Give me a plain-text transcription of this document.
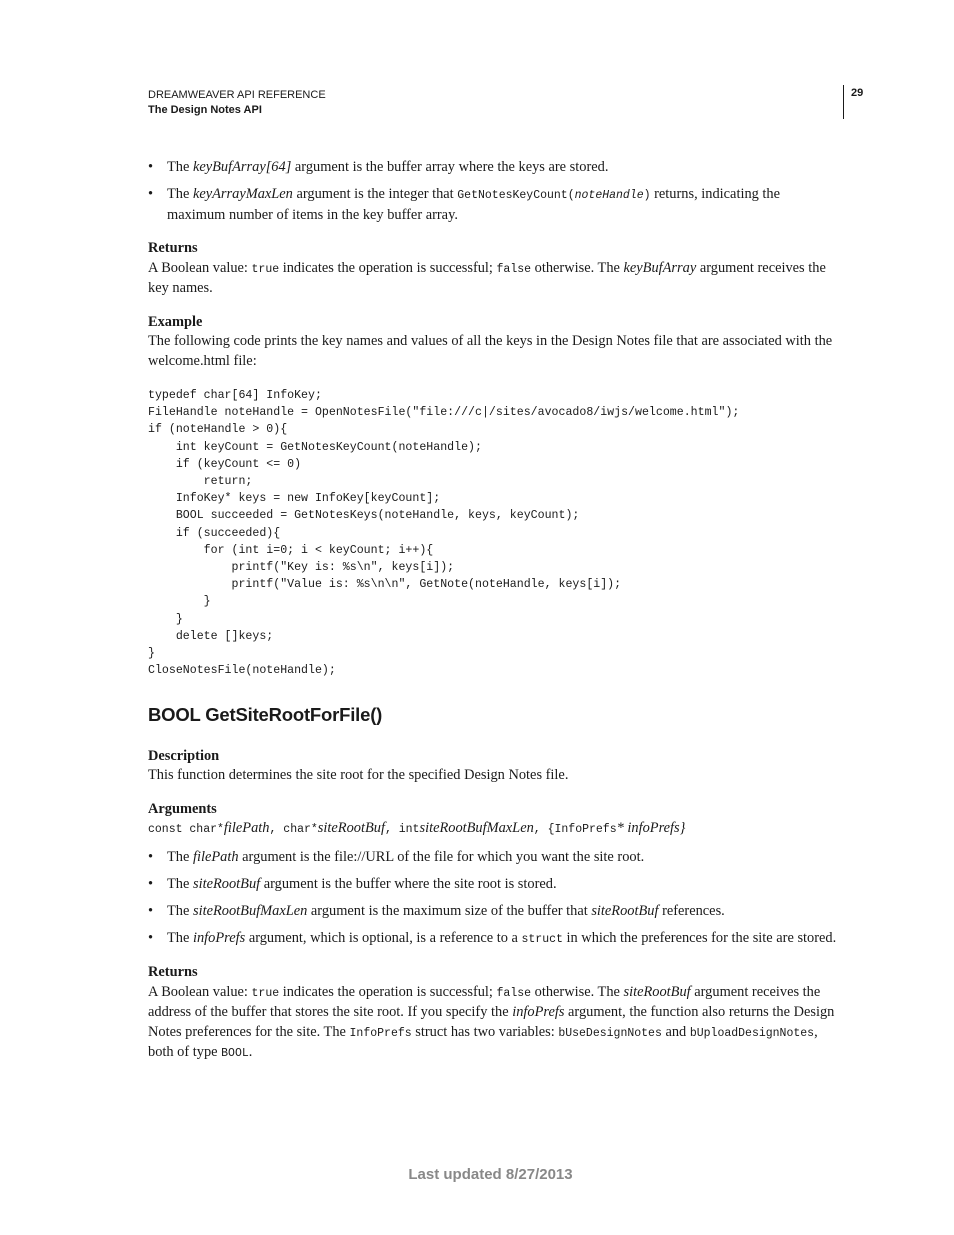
DREAMWEAVER API REFERENCE
The Design Notes API
29
• The keyBufArray[64] argument is the buffer array where the keys are stored.
• The keyArrayMaxLen argument is the integer that GetNotesKeyCount(noteHandle) returns, indicating the maximum number of items in the key buffer array.
Returns

A Boolean value: true indicates the operation is successful; false otherwise. The keyBufArray argument receives the key names.

Example

The following code prints the key names and values of all the keys in the Design Notes file that are associated with the welcome.html file:

typedef char[64] InfoKey;
FileHandle noteHandle = OpenNotesFile("file:///c|/sites/avocado8/iwjs/welcome.html");
if (noteHandle > 0){
int keyCount = GetNotesKeyCount(noteHandle);
if (keyCount <= 0)
return;
InfoKey* keys = new InfoKey[keyCount];
BOOL succeeded = GetNotesKeys(noteHandle, keys, keyCount);
if (succeeded){
for (int i=0; i < keyCount; i++){
printf("Key is: %s\n", keys[i]);
printf("Value is: %s\n\n", GetNote(noteHandle, keys[i]);
}
}
delete []keys;
}
CloseNotesFile(noteHandle);
BOOL GetSiteRootForFile()
Description

This function determines the site root for the specified Design Notes file.

Arguments

const char*filePath, char*siteRootBuf, intsiteRootBufMaxLen, {InfoPrefs* infoPrefs}

• The filePath argument is the file://URL of the file for which you want the site root.
• The siteRootBuf argument is the buffer where the site root is stored.
• The siteRootBufMaxLen argument is the maximum size of the buffer that siteRootBuf references.
• The infoPrefs argument, which is optional, is a reference to a struct in which the preferences for the site are stored.
Returns

A Boolean value: true indicates the operation is successful; false otherwise. The siteRootBuf argument receives the address of the buffer that stores the site root. If you specify the infoPrefs argument, the function also returns the Design Notes preferences for the site. The InfoPrefs struct has two variables: bUseDesignNotes and bUploadDesignNotes, both of type BOOL.

Last updated 8/27/2013
